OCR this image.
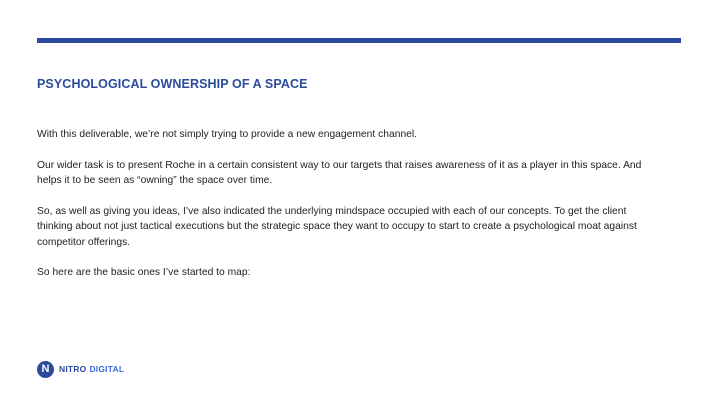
PSYCHOLOGICAL OWNERSHIP OF A SPACE

With this deliverable, we’re not simply trying to provide a new engagement channel.

Our wider task is to present Roche in a certain consistent way to our targets that raises awareness of it as a player in this space. And helps it to be seen as “owning” the space over time.

So, as well as giving you ideas, I’ve also indicated the underlying mindspace occupied with each of our concepts. To get the client thinking about not just tactical executions but the strategic space they want to occupy to start to create a psychological moat against competitor offerings.

So here are the basic ones I’ve started to map:

N	NITRO DIGITAL
